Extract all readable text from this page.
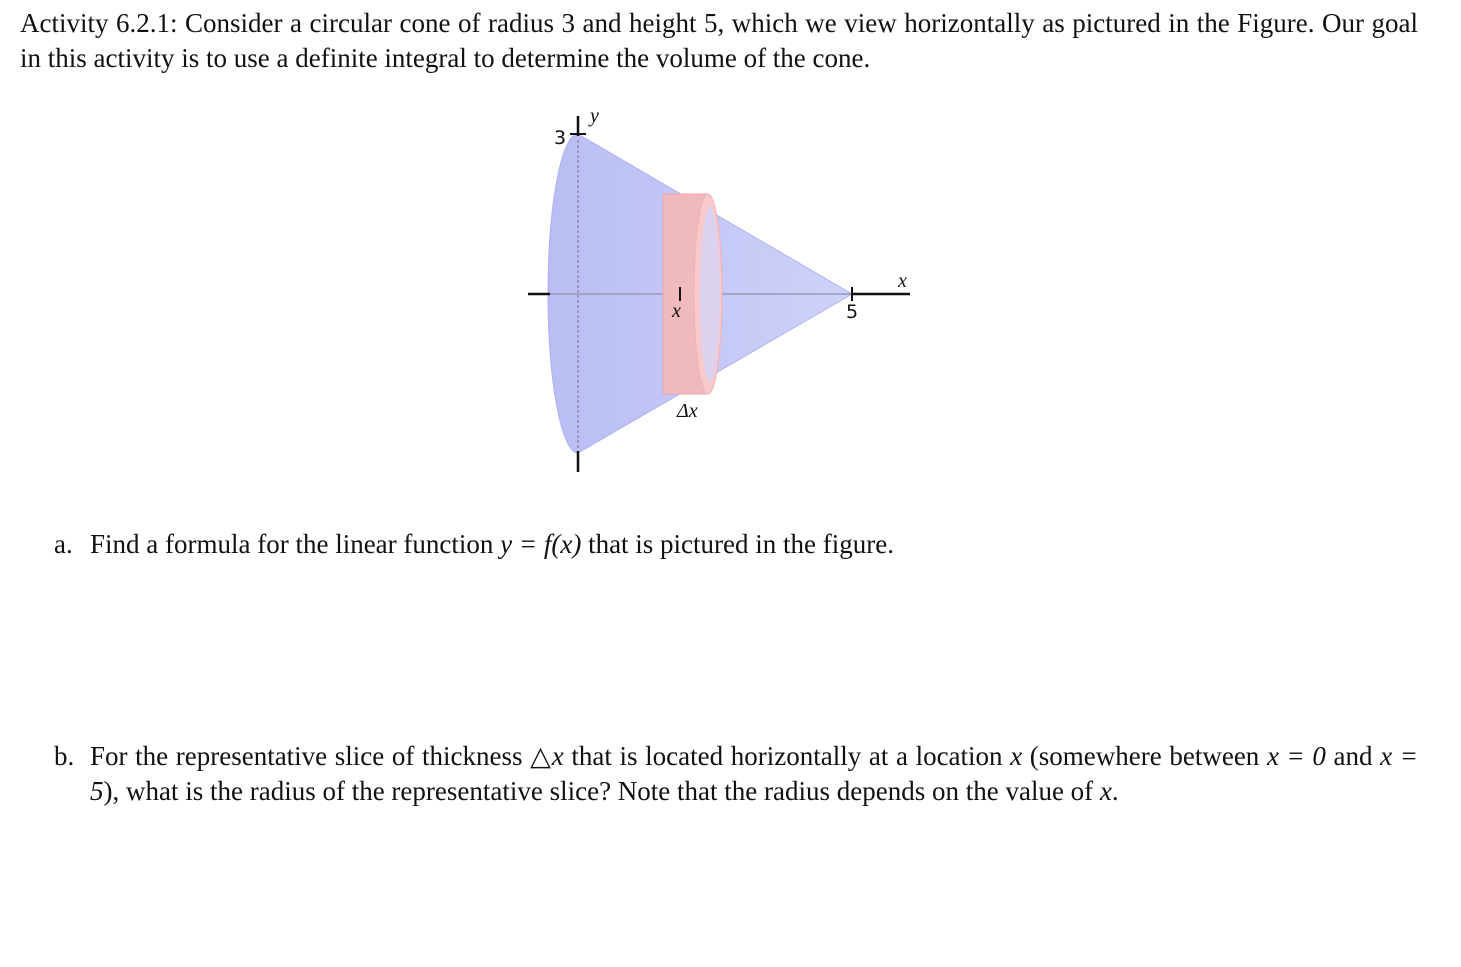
Activity 6.2.1: Consider a circular cone of radius 3 and height 5, which we view horizontally as pictured in the Figure. Our goal in this activity is to use a definite integral to determine the volume of the cone.
y
3
x
5
x
Δx
a. Find a formula for the linear function y = f(x) that is pictured in the figure.
b. For the representative slice of thickness △x that is located horizontally at a location x (somewhere between x = 0 and x = 5), what is the radius of the representative slice? Note that the radius depends on the value of x.
